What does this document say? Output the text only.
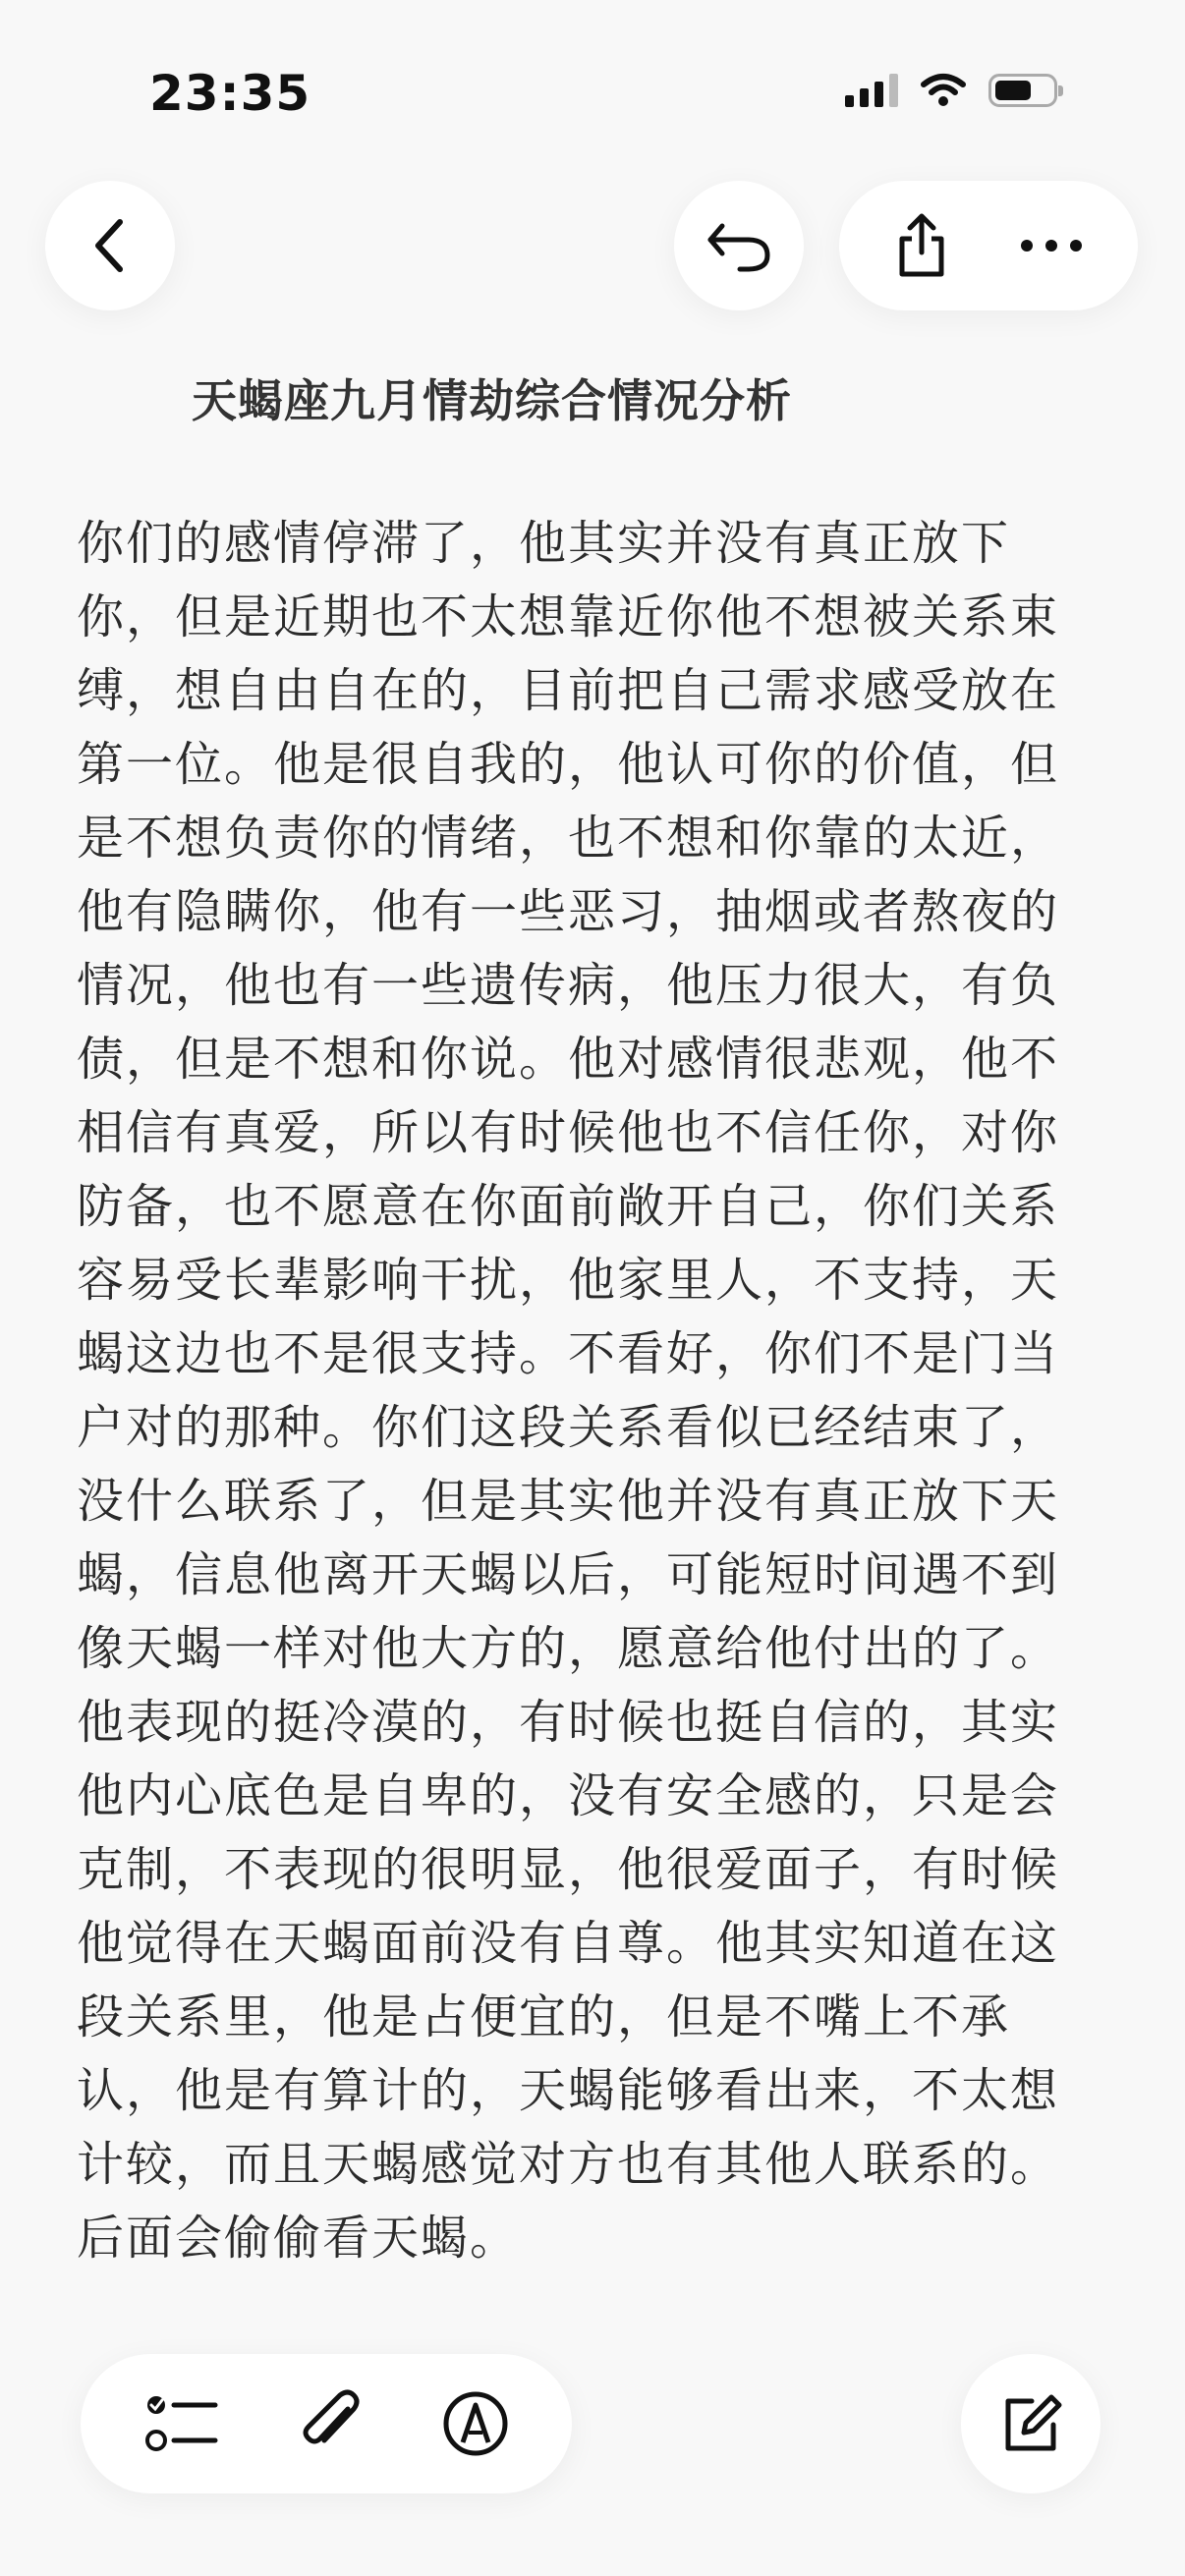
23:35
天蝎座九月情劫综合情况分析
你们的感情停滞了，他其实并没有真正放下
你，但是近期也不太想靠近你他不想被关系束
缚，想自由自在的，目前把自己需求感受放在
第一位。他是很自我的，他认可你的价值，但
是不想负责你的情绪，也不想和你靠的太近，
他有隐瞒你，他有一些恶习，抽烟或者熬夜的
情况，他也有一些遗传病，他压力很大，有负
债，但是不想和你说。他对感情很悲观，他不
相信有真爱，所以有时候他也不信任你，对你
防备，也不愿意在你面前敞开自己，你们关系
容易受长辈影响干扰，他家里人，不支持，天
蝎这边也不是很支持。不看好，你们不是门当
户对的那种。你们这段关系看似已经结束了，
没什么联系了，但是其实他并没有真正放下天
蝎，信息他离开天蝎以后，可能短时间遇不到
像天蝎一样对他大方的，愿意给他付出的了。
他表现的挺冷漠的，有时候也挺自信的，其实
他内心底色是自卑的，没有安全感的，只是会
克制，不表现的很明显，他很爱面子，有时候
他觉得在天蝎面前没有自尊。他其实知道在这
段关系里，他是占便宜的，但是不嘴上不承
认，他是有算计的，天蝎能够看出来，不太想
计较，而且天蝎感觉对方也有其他人联系的。
后面会偷偷看天蝎。
